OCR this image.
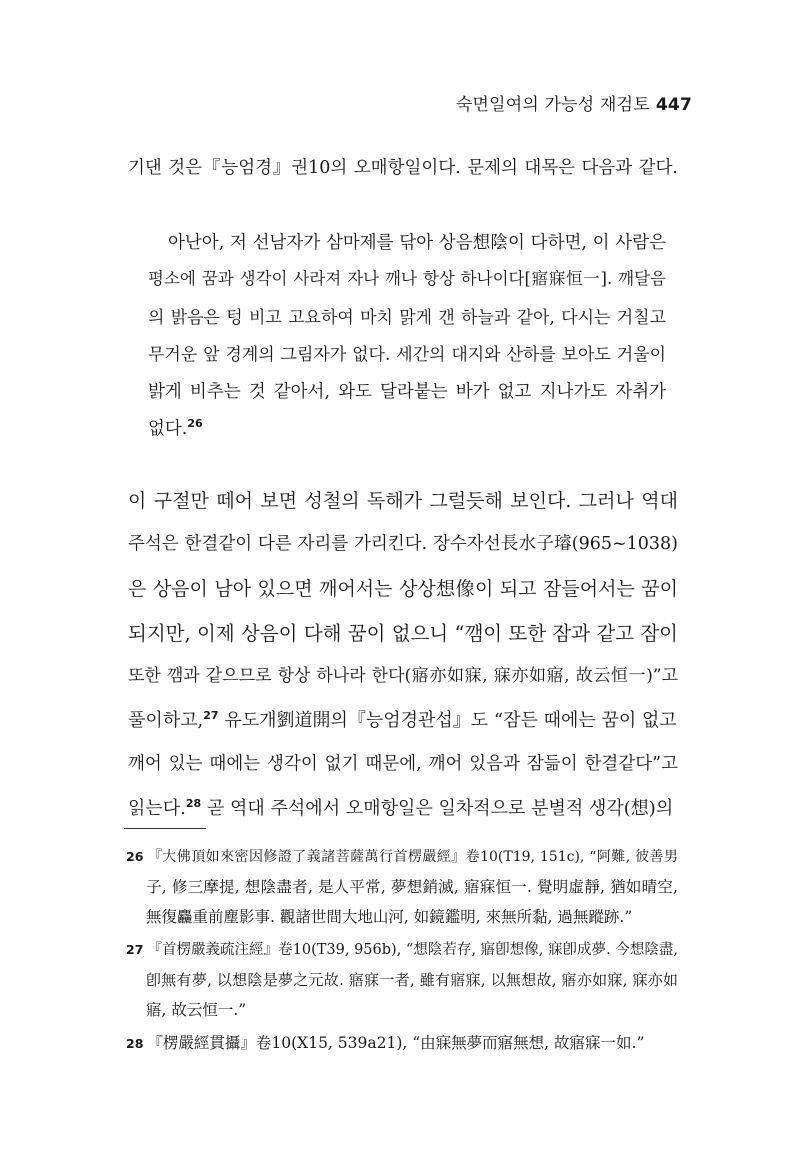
숙면일여의 가능성 재검토 447
기댄 것은『능엄경』권10의 오매항일이다. 문제의 대목은 다음과 같다.
아난아, 저 선남자가 삼마제를 닦아 상음想陰이 다하면, 이 사람은
평소에 꿈과 생각이 사라져 자나 깨나 항상 하나이다[寤寐恒一]. 깨달음
의 밝음은 텅 비고 고요하여 마치 맑게 갠 하늘과 같아, 다시는 거칠고
무거운 앞 경계의 그림자가 없다. 세간의 대지와 산하를 보아도 거울이
밝게 비추는 것 같아서, 와도 달라붙는 바가 없고 지나가도 자취가
없다.$^{26}$
이 구절만 떼어 보면 성철의 독해가 그럴듯해 보인다. 그러나 역대
주석은 한결같이 다른 자리를 가리킨다. 장수자선長水子璿(965~1038)
은 상음이 남아 있으면 깨어서는 상상想像이 되고 잠들어서는 꿈이
되지만, 이제 상음이 다해 꿈이 없으니 “깸이 또한 잠과 같고 잠이
또한 깸과 같으므로 항상 하나라 한다(寤亦如寐, 寐亦如寤, 故云恒一)”고
풀이하고,$^{27}$ 유도개劉道開의『능엄경관섭』도 “잠든 때에는 꿈이 없고
깨어 있는 때에는 생각이 없기 때문에, 깨어 있음과 잠듦이 한결같다”고
읽는다.$^{28}$ 곧 역대 주석에서 오매항일은 일차적으로 분별적 생각(想)의
26 『大佛頂如來密因修證了義諸菩薩萬行首楞嚴經』卷10(T19, 151c), “阿難, 彼善男
子, 修三摩提, 想陰盡者, 是人平常, 夢想銷滅, 寤寐恒一. 覺明虛靜, 猶如晴空,
無復麤重前塵影事. 觀諸世間大地山河, 如鏡鑑明, 來無所黏, 過無蹤跡.”
27 『首楞嚴義疏注經』卷10(T39, 956b), “想陰若存, 寤卽想像, 寐卽成夢. 今想陰盡,
卽無有夢, 以想陰是夢之元故. 寤寐一者, 雖有寤寐, 以無想故, 寤亦如寐, 寐亦如
寤, 故云恒一.”
28 『楞嚴經貫攝』卷10(X15, 539a21), “由寐無夢而寤無想, 故寤寐一如.”
